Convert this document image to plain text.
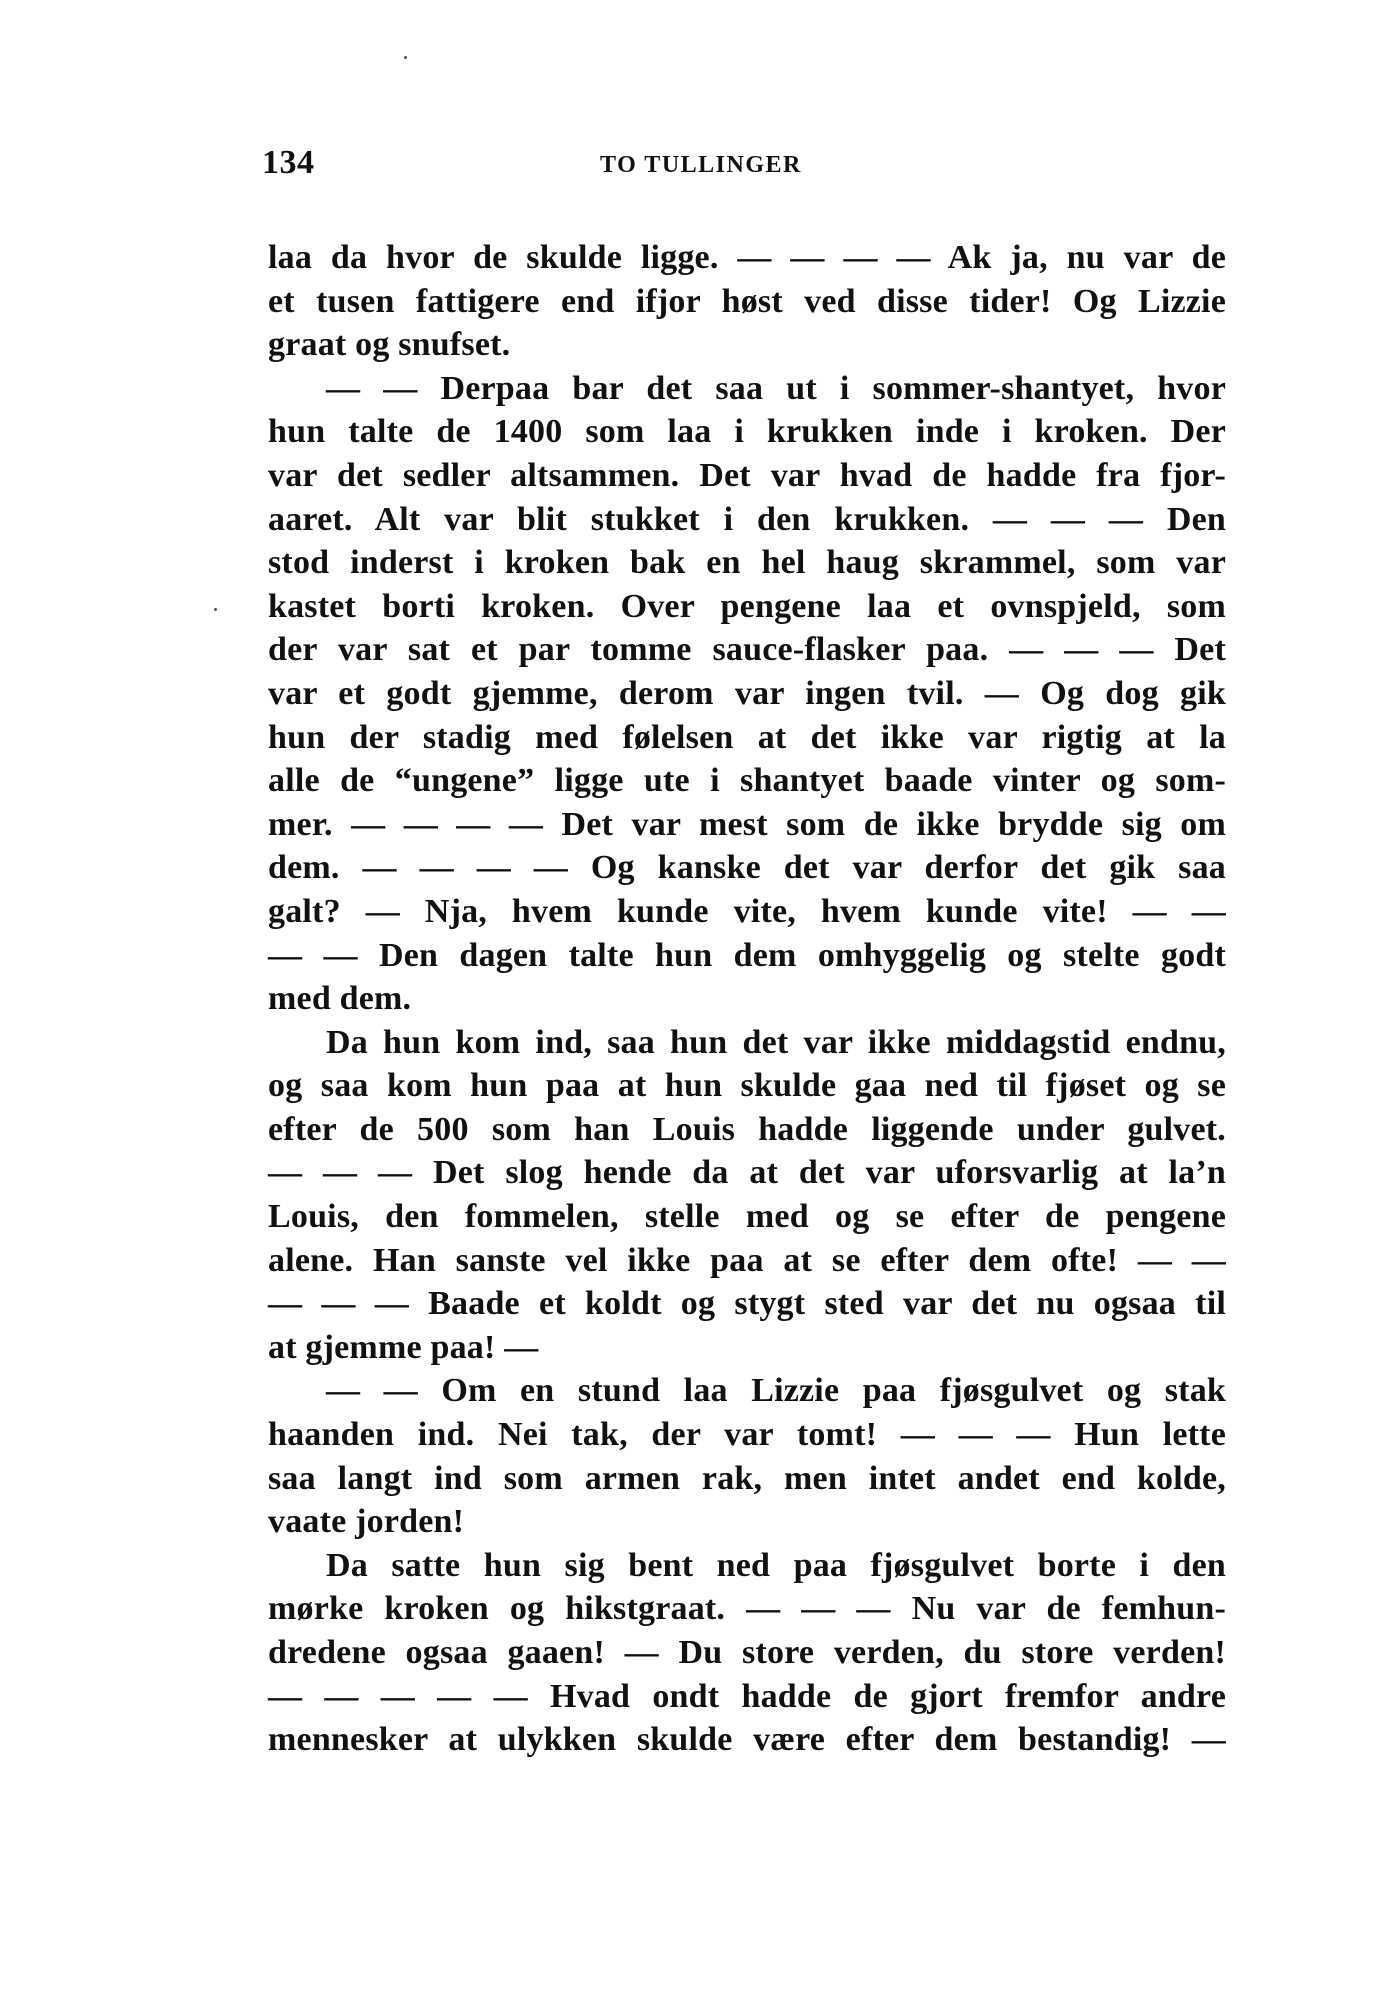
134	TO TULLINGER
laa da hvor de skulde ligge. — — — — Ak ja, nu var de
et tusen fattigere end ifjor høst ved disse tider! Og Lizzie
graat og snufset.
— — Derpaa bar det saa ut i sommer-shantyet, hvor
hun talte de 1400 som laa i krukken inde i kroken. Der
var det sedler altsammen. Det var hvad de hadde fra fjor-
aaret. Alt var blit stukket i den krukken. — — — Den
stod inderst i kroken bak en hel haug skrammel, som var
kastet borti kroken. Over pengene laa et ovnspjeld, som
der var sat et par tomme sauce-flasker paa. — — — Det
var et godt gjemme, derom var ingen tvil. — Og dog gik
hun der stadig med følelsen at det ikke var rigtig at la
alle de “ungene” ligge ute i shantyet baade vinter og som-
mer. — — — — Det var mest som de ikke brydde sig om
dem. — — — — Og kanske det var derfor det gik saa
galt? — Nja, hvem kunde vite, hvem kunde vite! — —
— — Den dagen talte hun dem omhyggelig og stelte godt
med dem.
Da hun kom ind, saa hun det var ikke middagstid endnu,
og saa kom hun paa at hun skulde gaa ned til fjøset og se
efter de 500 som han Louis hadde liggende under gulvet.
— — — Det slog hende da at det var uforsvarlig at la’n
Louis, den fommelen, stelle med og se efter de pengene
alene. Han sanste vel ikke paa at se efter dem ofte! — —
— — — Baade et koldt og stygt sted var det nu ogsaa til
at gjemme paa! —
— — Om en stund laa Lizzie paa fjøsgulvet og stak
haanden ind. Nei tak, der var tomt! — — — Hun lette
saa langt ind som armen rak, men intet andet end kolde,
vaate jorden!
Da satte hun sig bent ned paa fjøsgulvet borte i den
mørke kroken og hikstgraat. — — — Nu var de femhun-
dredene ogsaa gaaen! — Du store verden, du store verden!
— — — — — Hvad ondt hadde de gjort fremfor andre
mennesker at ulykken skulde være efter dem bestandig! —
